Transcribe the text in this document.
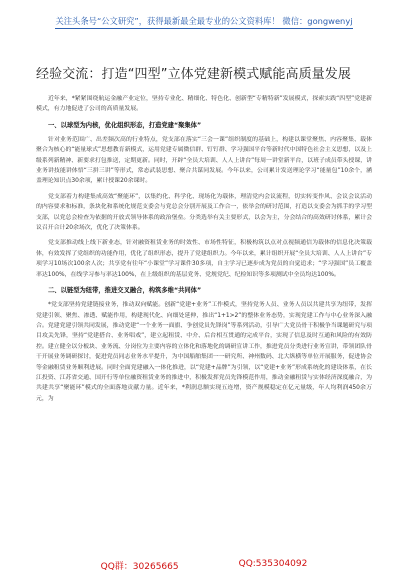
关注头条号“公文研究”，获得最新最全最专业的公文资料库！ 微信：gongwenyj
经验交流：打造“四型”立体党建新模式赋能高质量发展

近年来，*紧紧围绕航运金融产业定位，坚持专业化、精细化、特色化、创新型“专精特新”发展模式，探索实践“四型”党建新模式，有力地促进了公司的高质量发展。

一、以球型为内核，优化组织形态，打造党建“聚集体”

针对业务范围广、出差频次高的行业特点，党支部在落实“三会一课”组织制度的基础上，构建以课堂聚焦、内容聚集、载体聚合为核心的“能量球式”思想教育新模式，运用党建专属微信群、钉钉群、学习强国平台等新时代中国特色社会主义思想，以及上级系列新精神、新要求打包推送，定期更新。同时，开辟“全员大培训、人人上讲台”每周一讲堂新平台，以班子成员带头授课，讲业务讲技能讲体悟“三拼三讲”等形式，常态武装思想、聚合共谋同发展。今年以来，公司累计发送理论学习“能量包”10余个，涵盖理论知识点30余项，累计授课20余课时。

党支部着力构建集成高效“聚能环”，以集约化、科学化、现场化为载体，理清党内会议流程，切实转变作风、会议会议活动的内容要求和标准，条块化和系统化规范支委会与党总会分别开展及工作合一，依举会的研讨范围，打造以支委会为抓手的学习型支部，以党总会检查为依据的开放式领导体系的政治堡垒。分类选举有关主要形式，以会为主，分会结合的高效研讨体系，累计会议召开合计20余场次，优化了决策体系。

党支部推动线上线下新业态，针对融资租赁业务的时效性、市场性特征，积极构筑以点对点视频通信为载体的信息化决策载体，有效发挥了党组织的功能作用，优化了组织形态，提升了党建组织力。今年以来，累计组织开展“全员大培训、人人上讲台”专项学习10场次100余人次；共享党有往年“小课堂”学习课件30多项，自主学习已逐步成为党员的自觉追求；“学习强国”员工覆盖率达100%，在线学习参与率达100%，在上级组织的基层党务、党规党纪、纪检知识等多项测试中全员均达100%。

二、以链型为纽带，推进交叉融合，构筑多维“共同体”

*党支部坚持党建链接业务，推动双向赋能。创新“党建+业务”工作模式，坚持党务人员、业务人员以共建共享为纽带，发挥党建引领、聚焦、渗透、赋能作用，构建现代化、向细处延伸，推出“1+1>2”的整体业务态势，实现党建工作与中心业务深入融合。党建党建引领共同发展，推动党建“一个业务一面旗、争创党员先锋岗”等系列活动，引导广大党员骨干积极争当课题研究与项目攻关先锋，坚持“党建搭台、业务唱戏”，建立起租赁、中介、后台相互贯通的完成平台，实现了信息及时互通和风险的有效防控。建立健全以分板块、业务流、分岗位为主要内容的立体化和落地化的调研宣讲工作，推进党员分类进行业务宣讲，带领团队骨干开展业务调研探讨，促进党员同志业务水平提升，为中国船舶集团一一研究所、神州数码、北大纵横等单位开展服务，促进协会等金融租赁业务顺利进展。同时全面党建融入一体化推进，以“党建+品牌”为引领，以“党建+业务”形成系统化的建设体系，在长江投资、江苏省交通、国开行等单位融资租赁业务的推进中，积极发挥党员先锋模范作用，推动金融租赁与实体经济深度融合，为共建共享“聚能环”模式的全面落地贡献力量。近年来，*利润总额实现五连增，资产规模稳定在亿元量级，年人均利润450余万元，为

QQ群：30265665	QQ:535304092
